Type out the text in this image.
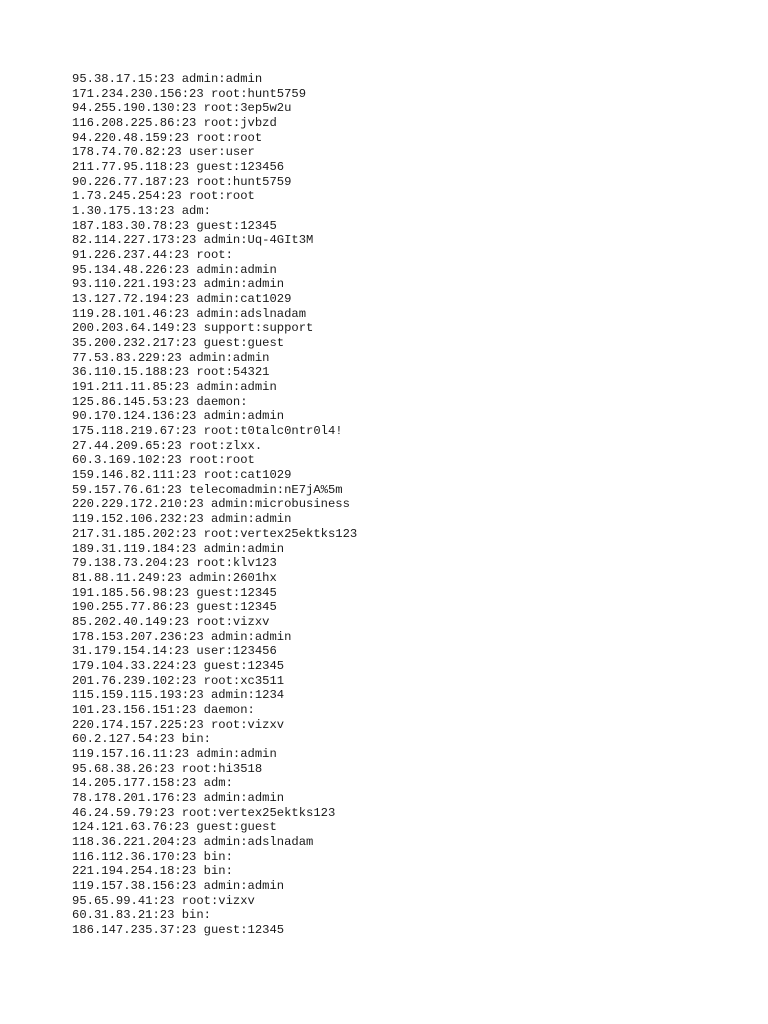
95.38.17.15:23 admin:admin
171.234.230.156:23 root:hunt5759
94.255.190.130:23 root:3ep5w2u
116.208.225.86:23 root:jvbzd
94.220.48.159:23 root:root
178.74.70.82:23 user:user
211.77.95.118:23 guest:123456
90.226.77.187:23 root:hunt5759
1.73.245.254:23 root:root
1.30.175.13:23 adm:
187.183.30.78:23 guest:12345
82.114.227.173:23 admin:Uq-4GIt3M
91.226.237.44:23 root:
95.134.48.226:23 admin:admin
93.110.221.193:23 admin:admin
13.127.72.194:23 admin:cat1029
119.28.101.46:23 admin:adslnadam
200.203.64.149:23 support:support
35.200.232.217:23 guest:guest
77.53.83.229:23 admin:admin
36.110.15.188:23 root:54321
191.211.11.85:23 admin:admin
125.86.145.53:23 daemon:
90.170.124.136:23 admin:admin
175.118.219.67:23 root:t0talc0ntr0l4!
27.44.209.65:23 root:zlxx.
60.3.169.102:23 root:root
159.146.82.111:23 root:cat1029
59.157.76.61:23 telecomadmin:nE7jA%5m
220.229.172.210:23 admin:microbusiness
119.152.106.232:23 admin:admin
217.31.185.202:23 root:vertex25ektks123
189.31.119.184:23 admin:admin
79.138.73.204:23 root:klv123
81.88.11.249:23 admin:2601hx
191.185.56.98:23 guest:12345
190.255.77.86:23 guest:12345
85.202.40.149:23 root:vizxv
178.153.207.236:23 admin:admin
31.179.154.14:23 user:123456
179.104.33.224:23 guest:12345
201.76.239.102:23 root:xc3511
115.159.115.193:23 admin:1234
101.23.156.151:23 daemon:
220.174.157.225:23 root:vizxv
60.2.127.54:23 bin:
119.157.16.11:23 admin:admin
95.68.38.26:23 root:hi3518
14.205.177.158:23 adm:
78.178.201.176:23 admin:admin
46.24.59.79:23 root:vertex25ektks123
124.121.63.76:23 guest:guest
118.36.221.204:23 admin:adslnadam
116.112.36.170:23 bin:
221.194.254.18:23 bin:
119.157.38.156:23 admin:admin
95.65.99.41:23 root:vizxv
60.31.83.21:23 bin:
186.147.235.37:23 guest:12345
